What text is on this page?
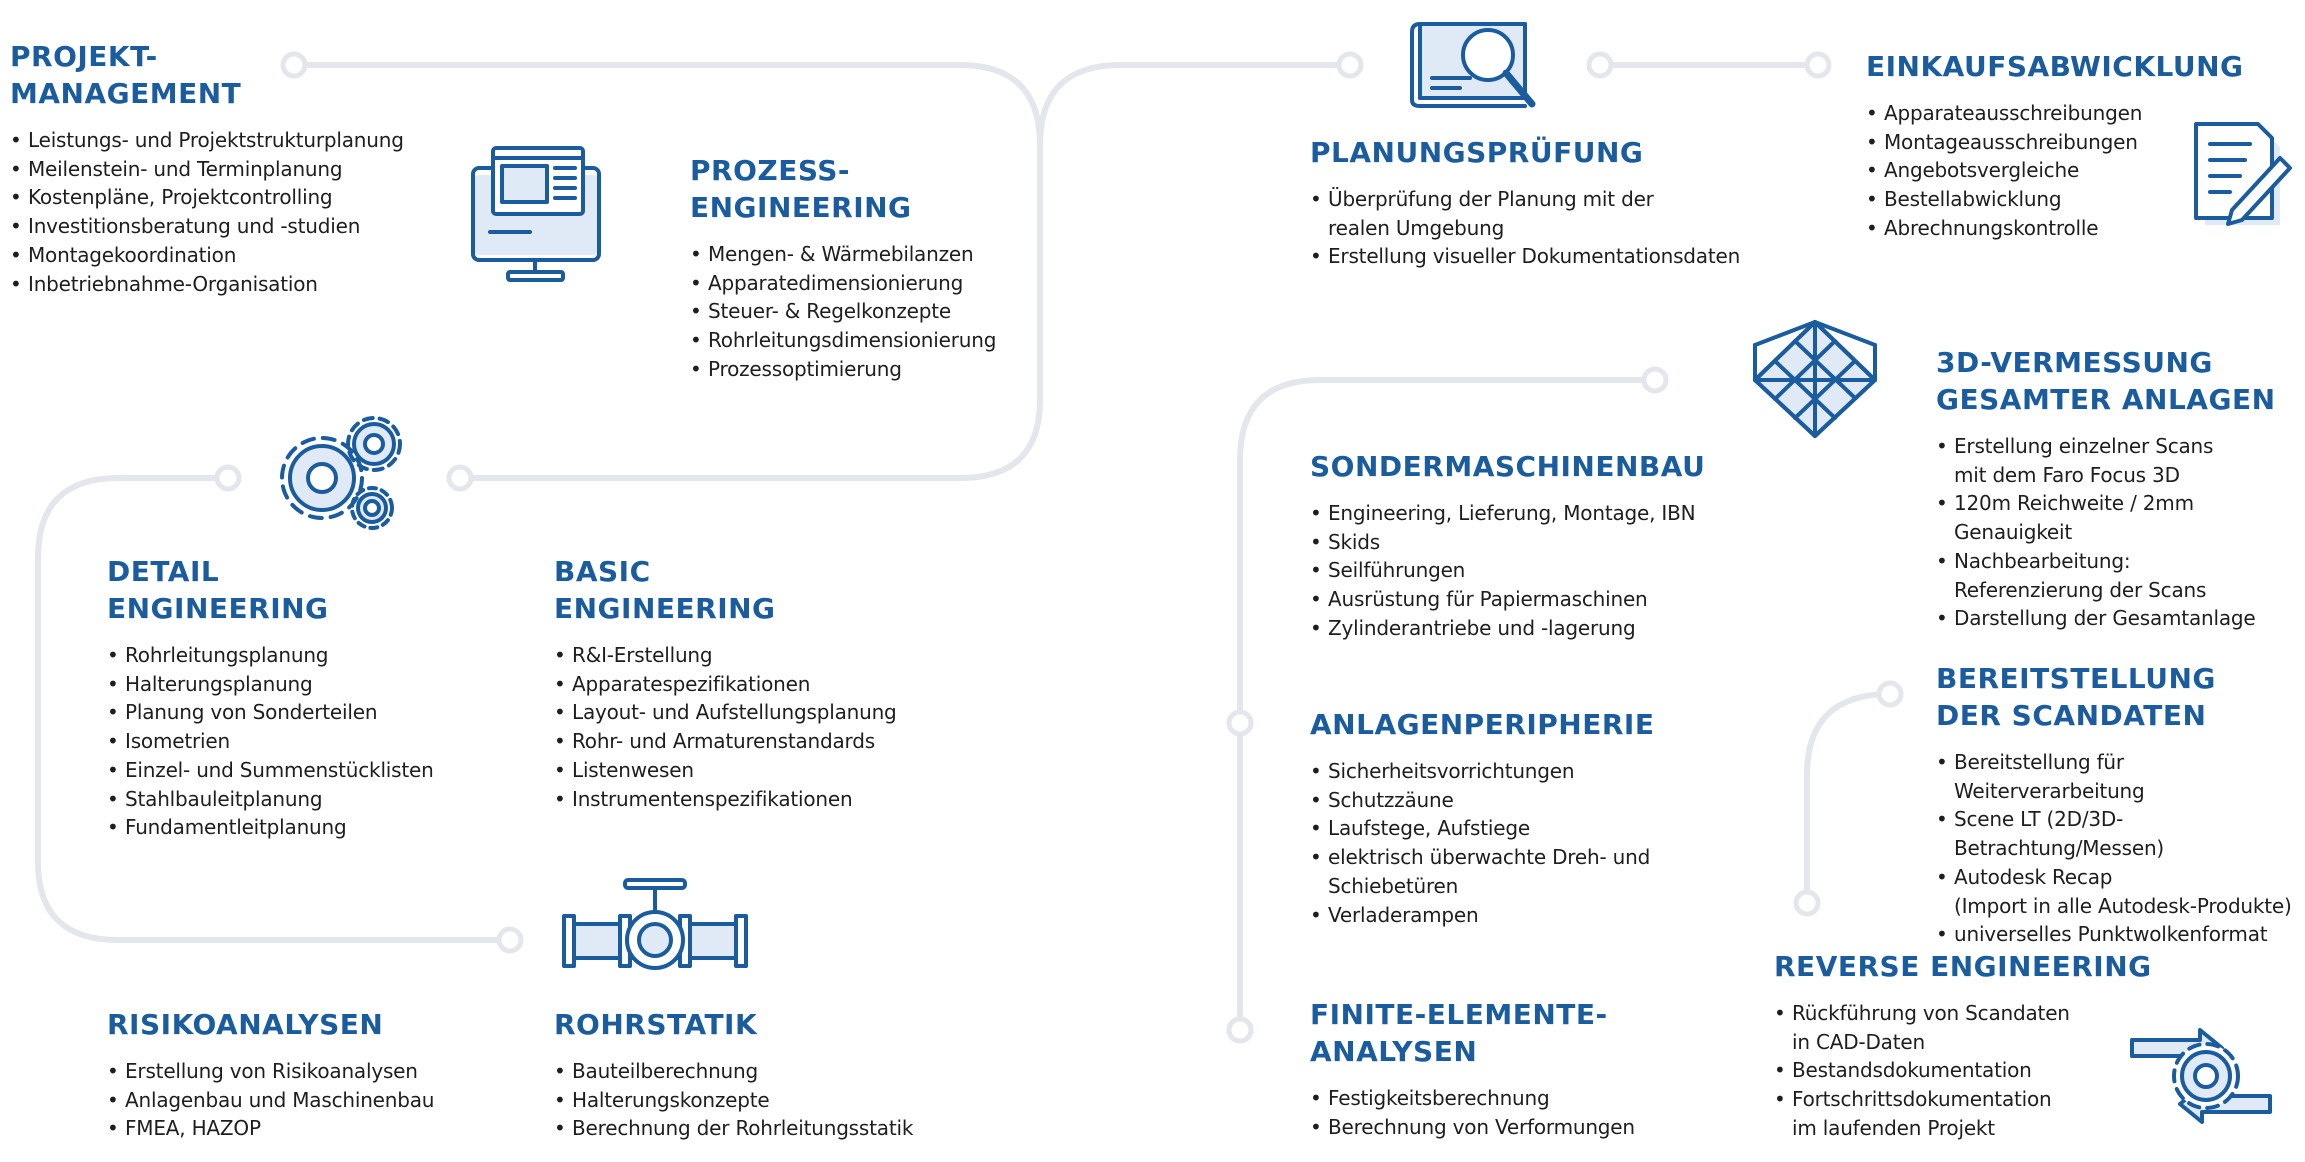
PROJEKT-
MANAGEMENT
• Leistungs- und Projektstrukturplanung
• Meilenstein- und Terminplanung
• Kostenpläne, Projektcontrolling
• Investitionsberatung und -studien
• Montagekoordination
• Inbetriebnahme-Organisation
PROZESS-
ENGINEERING
• Mengen- & Wärmebilanzen
• Apparatedimensionierung
• Steuer- & Regelkonzepte
• Rohrleitungsdimensionierung
• Prozessoptimierung
DETAIL
ENGINEERING
• Rohrleitungsplanung
• Halterungsplanung
• Planung von Sonderteilen
• Isometrien
• Einzel- und Summenstücklisten
• Stahlbauleitplanung
• Fundamentleitplanung
BASIC
ENGINEERING
• R&I-Erstellung
• Apparatespezifikationen
• Layout- und Aufstellungsplanung
• Rohr- und Armaturenstandards
• Listenwesen
• Instrumentenspezifikationen
RISIKOANALYSEN
• Erstellung von Risikoanalysen
• Anlagenbau und Maschinenbau
• FMEA, HAZOP
ROHRSTATIK
• Bauteilberechnung
• Halterungskonzepte
• Berechnung der Rohrleitungsstatik
PLANUNGSPRÜFUNG
• Überprüfung der Planung mit der
realen Umgebung
• Erstellung visueller Dokumentationsdaten
EINKAUFSABWICKLUNG
• Apparateausschreibungen
• Montageausschreibungen
• Angebotsvergleiche
• Bestellabwicklung
• Abrechnungskontrolle
SONDERMASCHINENBAU
• Engineering, Lieferung, Montage, IBN
• Skids
• Seilführungen
• Ausrüstung für Papiermaschinen
• Zylinderantriebe und -lagerung
3D-VERMESSUNG
GESAMTER ANLAGEN
• Erstellung einzelner Scans
mit dem Faro Focus 3D
• 120m Reichweite / 2mm Genauigkeit
• Nachbearbeitung:
Referenzierung der Scans
• Darstellung der Gesamtanlage
ANLAGENPERIPHERIE
• Sicherheitsvorrichtungen
• Schutzzäune
• Laufstege, Aufstiege
• elektrisch überwachte Dreh- und
Schiebetüren
• Verladerampen
BEREITSTELLUNG
DER SCANDATEN
• Bereitstellung für Weiterverarbeitung
• Scene LT (2D/3D-Betrachtung/Messen)
• Autodesk Recap
(Import in alle Autodesk-Produkte)
• universelles Punktwolkenformat
REVERSE ENGINEERING
• Rückführung von Scandaten
in CAD-Daten
• Bestandsdokumentation
• Fortschrittsdokumentation
im laufenden Projekt
FINITE-ELEMENTE-
ANALYSEN
• Festigkeitsberechnung
• Berechnung von Verformungen
